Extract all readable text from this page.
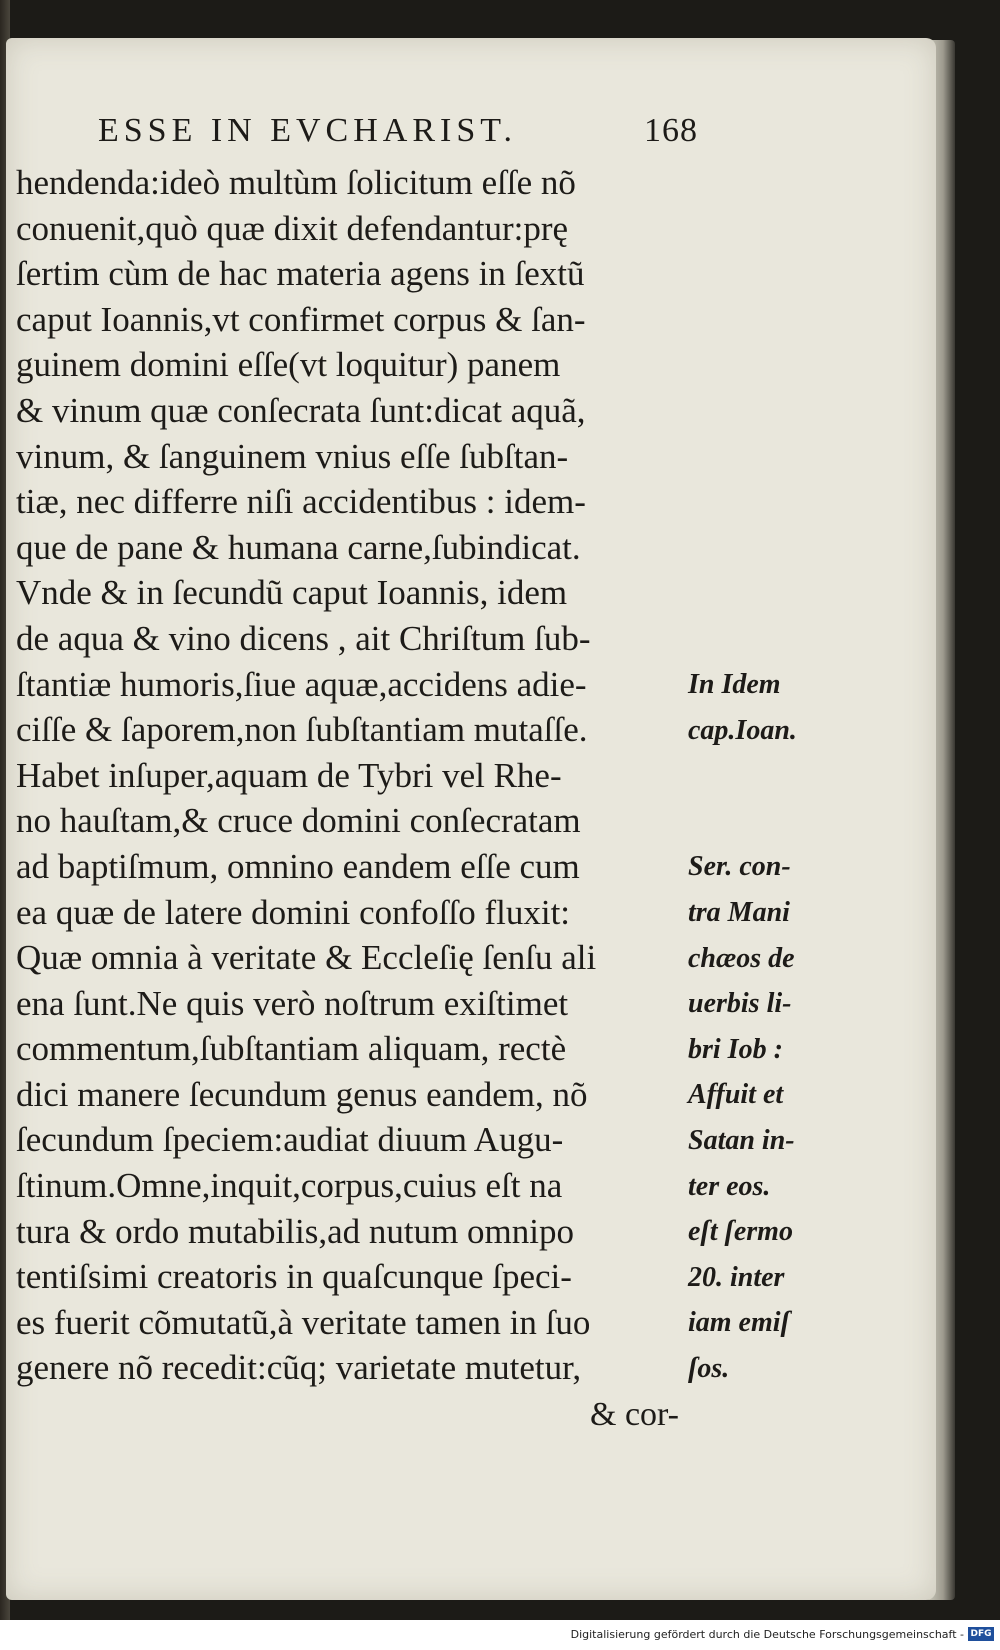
ESSE IN EVCHARIST.	168
hendenda:ideò multùm ſolicitum eſſe nõ
conuenit,quò quæ dixit defendantur:prę
ſertim cùm de hac materia agens in ſextũ
caput Ioannis,vt confirmet corpus & ſan-
guinem domini eſſe(vt loquitur) panem
& vinum quæ conſecrata ſunt:dicat aquã,
vinum, & ſanguinem vnius eſſe ſubſtan-
tiæ, nec differre niſi accidentibus : idem-
que de pane & humana carne,ſubindicat.
Vnde & in ſecundũ caput Ioannis, idem
de aqua & vino dicens , ait Chriſtum ſub-
ſtantiæ humoris,ſiue aquæ,accidens adie-
ciſſe & ſaporem,non ſubſtantiam mutaſſe.
Habet inſuper,aquam de Tybri vel Rhe-
no hauſtam,& cruce domini conſecratam
ad baptiſmum, omnino eandem eſſe cum
ea quæ de latere domini confoſſo fluxit:
Quæ omnia à veritate & Eccleſię ſenſu ali
ena ſunt.Ne quis verò noſtrum exiſtimet
commentum,ſubſtantiam aliquam, rectè
dici manere ſecundum genus eandem, nõ
ſecundum ſpeciem:audiat diuum Augu-
ſtinum.Omne,inquit,corpus,cuius eſt na
tura & ordo mutabilis,ad nutum omnipo
tentiſsimi creatoris in quaſcunque ſpeci-
es fuerit cõmutatũ,à veritate tamen in ſuo
genere nõ recedit:cũq; varietate mutetur,
In Idem
cap.Ioan.
Ser. con-
tra Mani
chæos de
uerbis li-
bri Iob :
Affuit et
Satan in-
ter eos.
eſt ſermo
20. inter
iam emiſ
ſos.
& cor-
Digitalisierung gefördert durch die Deutsche Forschungsgemeinschaft - DFG
